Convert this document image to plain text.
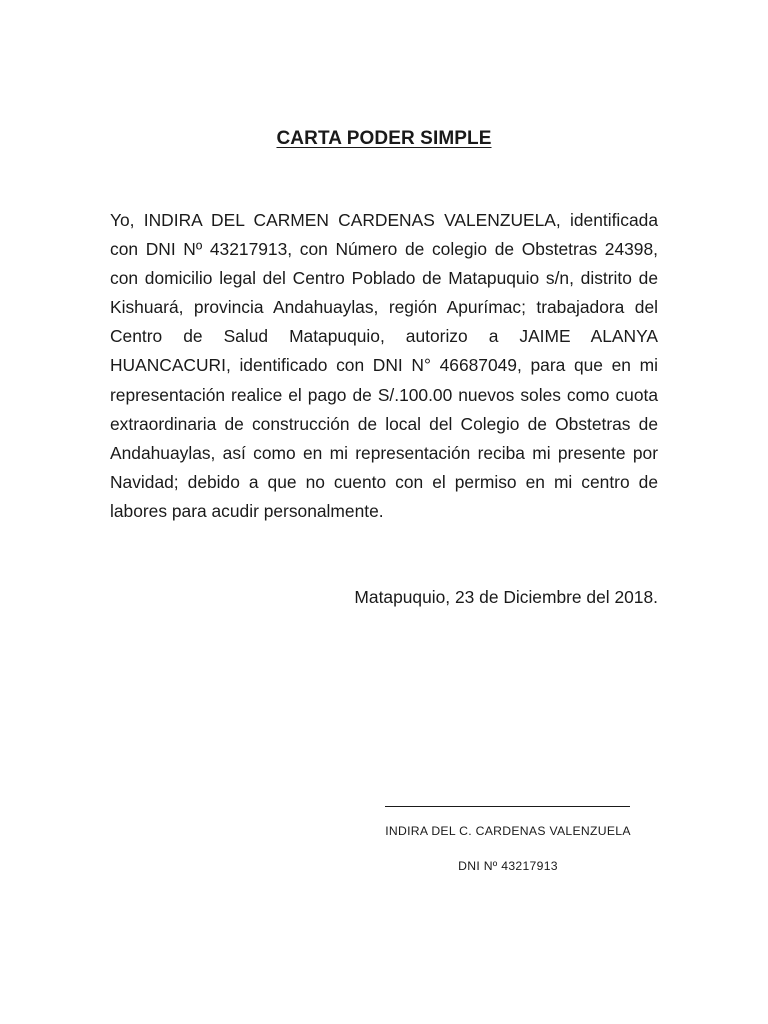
CARTA PODER SIMPLE
Yo, INDIRA DEL CARMEN CARDENAS VALENZUELA, identificada con DNI Nº 43217913, con Número de colegio de Obstetras 24398, con domicilio legal del Centro Poblado de Matapuquio s/n, distrito de Kishuará, provincia Andahuaylas, región Apurímac; trabajadora del Centro de Salud Matapuquio, autorizo a JAIME ALANYA HUANCACURI, identificado con DNI N° 46687049, para que en mi representación realice el pago de S/.100.00 nuevos soles como cuota extraordinaria de construcción de local del Colegio de Obstetras de Andahuaylas, así como en mi representación reciba mi presente por Navidad; debido a que no cuento con el permiso en mi centro de labores para acudir personalmente.
Matapuquio, 23 de Diciembre del 2018.
INDIRA DEL C. CARDENAS VALENZUELA
DNI Nº 43217913
